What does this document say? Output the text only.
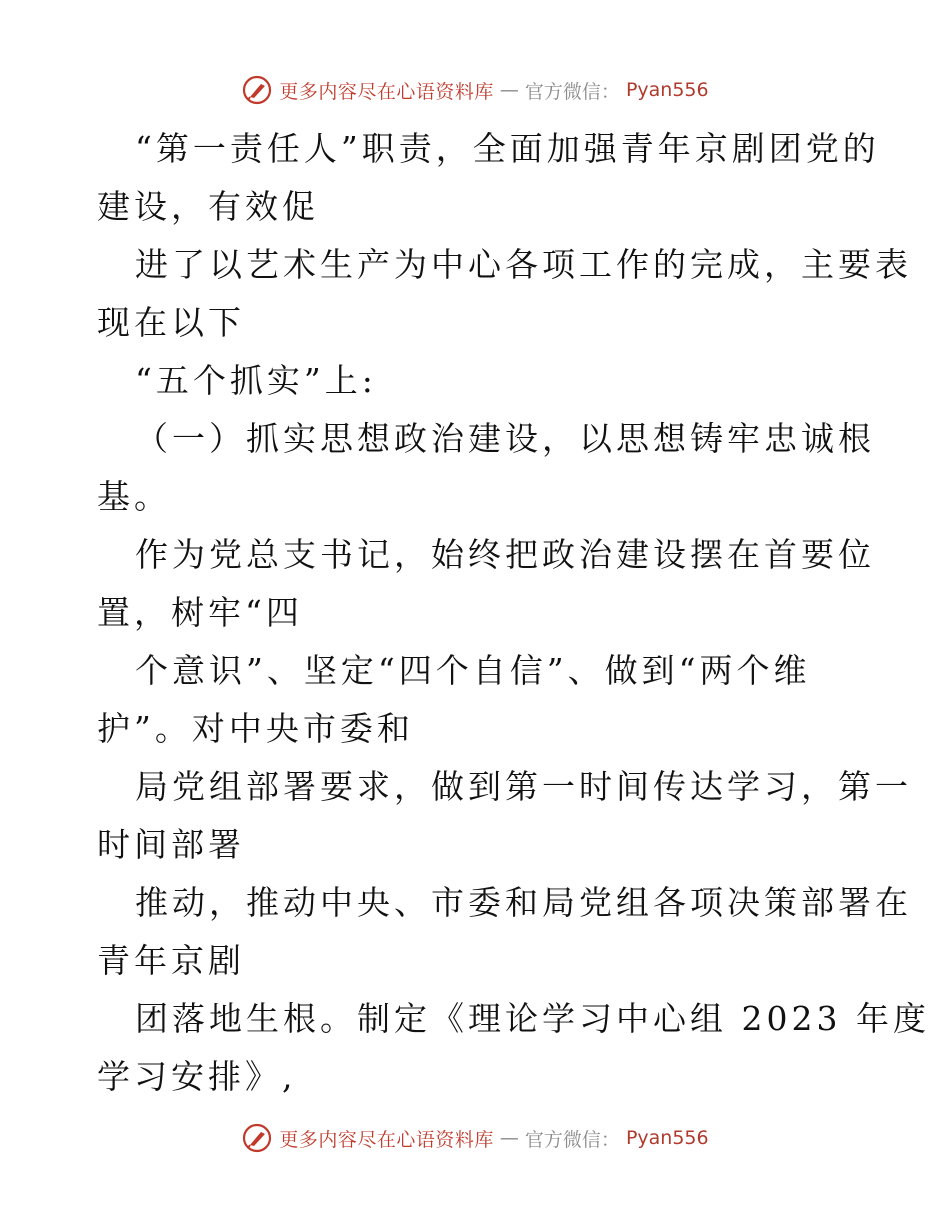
更多内容尽在心语资料库 — 官方微信： Pyan556
“第一责任人”职责，全面加强青年京剧团党的
建设，有效促
进了以艺术生产为中心各项工作的完成，主要表
现在以下
“五个抓实”上:
（一）抓实思想政治建设，以思想铸牢忠诚根
基。
作为党总支书记，始终把政治建设摆在首要位
置，树牢“四
个意识”、坚定“四个自信”、做到“两个维
护”。对中央市委和
局党组部署要求，做到第一时间传达学习，第一
时间部署
推动，推动中央、市委和局党组各项决策部署在
青年京剧
团落地生根。制定《理论学习中心组 2023 年度
学习安排》,
更多内容尽在心语资料库 — 官方微信： Pyan556
